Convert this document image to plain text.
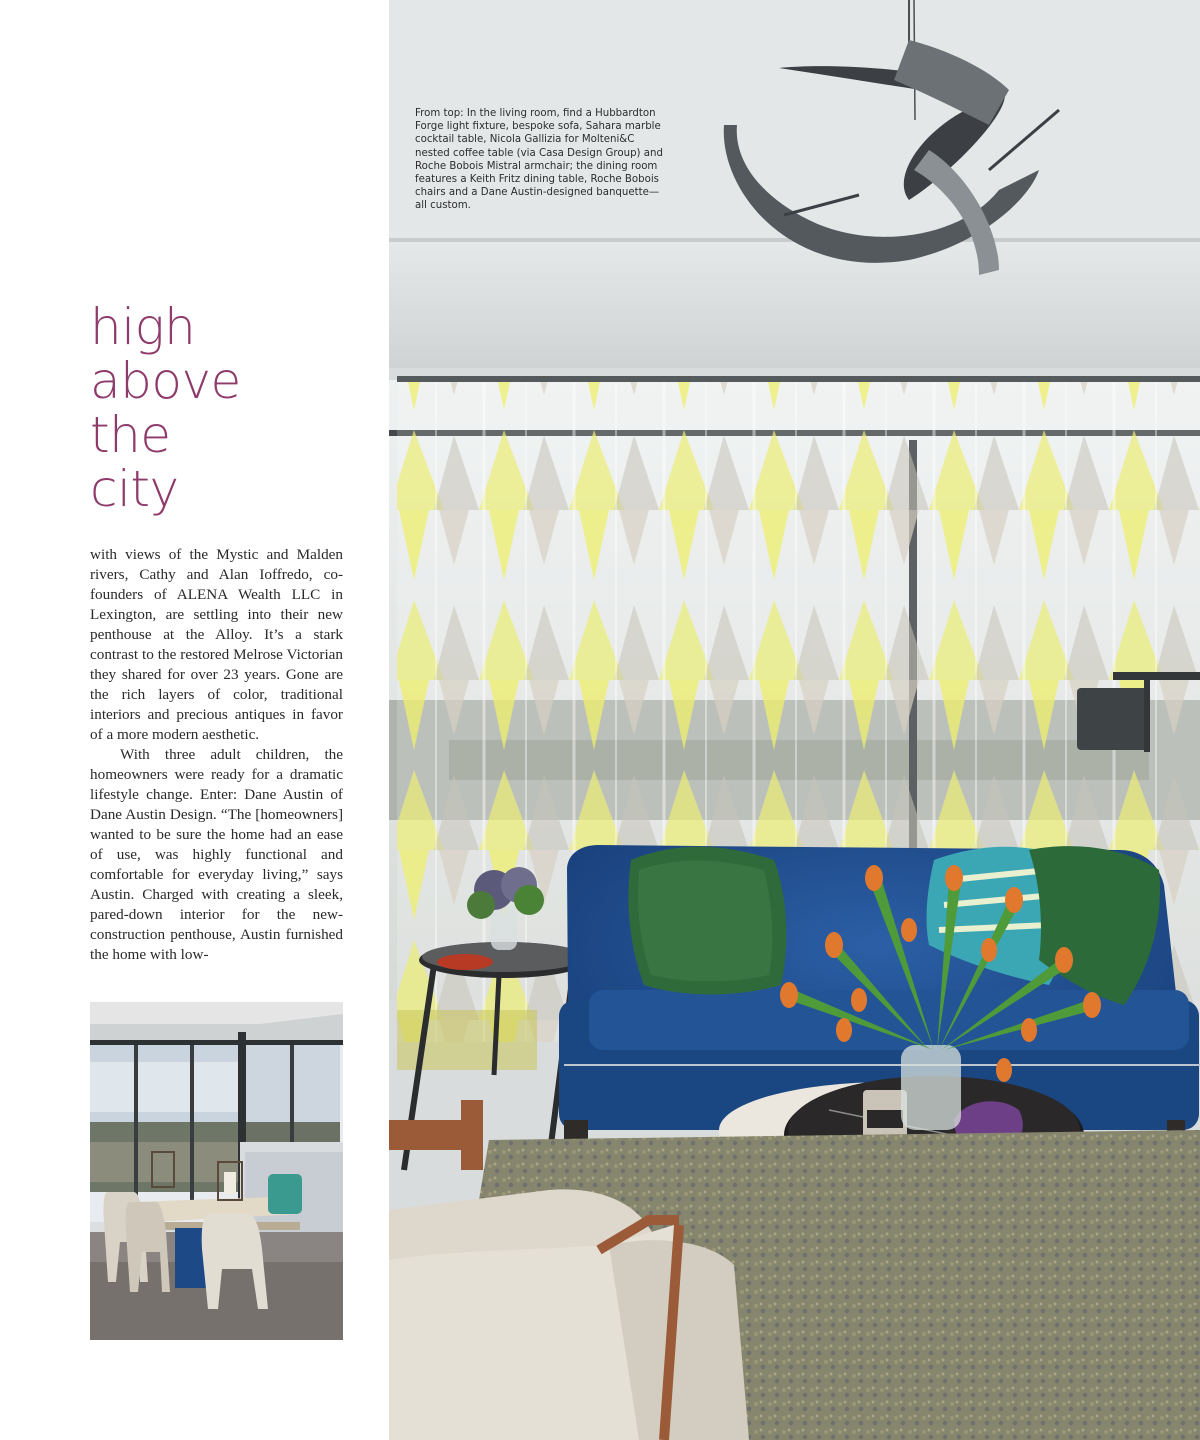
high
above
the
city

with views of the Mystic and Malden rivers, Cathy and Alan Ioffredo, co-founders of ALENA Wealth LLC in Lexington, are settling into their new penthouse at the Alloy. It’s a stark contrast to the restored Melrose Victorian they shared for over 23 years. Gone are the rich layers of color, traditional interiors and precious antiques in favor of a more modern aesthetic.

With three adult children, the homeowners were ready for a dramatic lifestyle change. Enter: Dane Austin of Dane Austin Design. “The [homeowners] wanted to be sure the home had an ease of use, was highly functional and comfortable for everyday living,” says Austin. Charged with creating a sleek, pared-down interior for the new-construction penthouse, Austin furnished the home with low-

From top: In the living room, find a Hubbardton Forge light fixture, bespoke sofa, Sahara marble cocktail table, Nicola Gallizia for Molteni&C nested coffee table (via Casa Design Group) and Roche Bobois Mistral armchair; the dining room features a Keith Fritz dining table, Roche Bobois chairs and a Dane Austin-designed banquette—all custom.
